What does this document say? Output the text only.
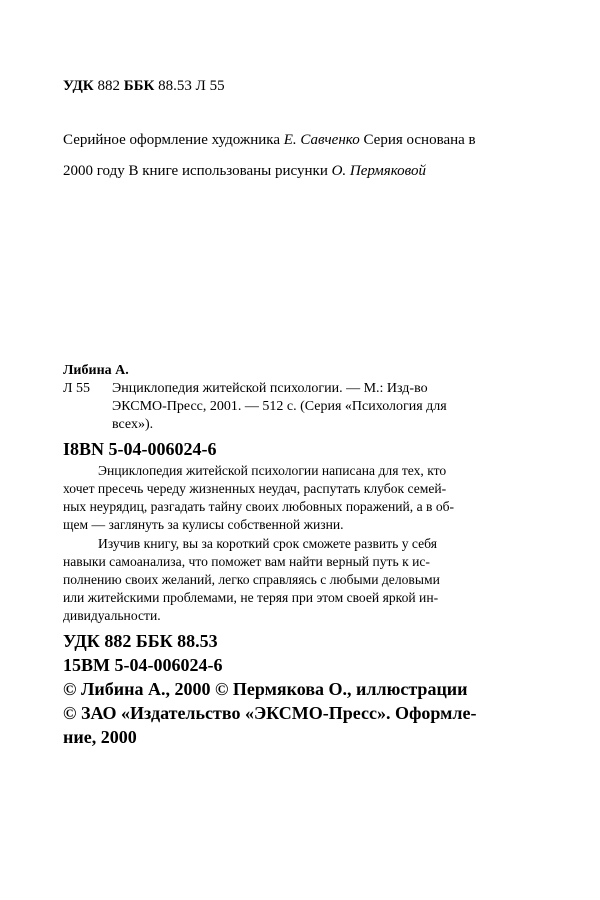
УДК 882 ББК 88.53 Л 55
Серийное оформление художника Е. Савченко Серия основана в
2000 году В книге использованы рисунки О. Пермяковой
Либина А.
Л 55 Энциклопедия житейской психологии. — М.: Изд-во
ЭКСМО-Пресс, 2001. — 512 с. (Серия «Психология для
всех»).
I8BN 5-04-006024-6
Энциклопедия житейской психологии написана для тех, кто
хочет пресечь череду жизненных неудач, распутать клубок семей-
ных неурядиц, разгадать тайну своих любовных поражений, а в об-
щем — заглянуть за кулисы собственной жизни.
Изучив книгу, вы за короткий срок сможете развить у себя
навыки самоанализа, что поможет вам найти верный путь к ис-
полнению своих желаний, легко справляясь с любыми деловыми
или житейскими проблемами, не теряя при этом своей яркой ин-
дивидуальности.
УДК 882 ББК 88.53
15ВМ 5-04-006024-6
© Либина А., 2000 © Пермякова О., иллюстрации
© ЗАО «Издательство «ЭКСМО-Пресс». Оформле-
ние, 2000
